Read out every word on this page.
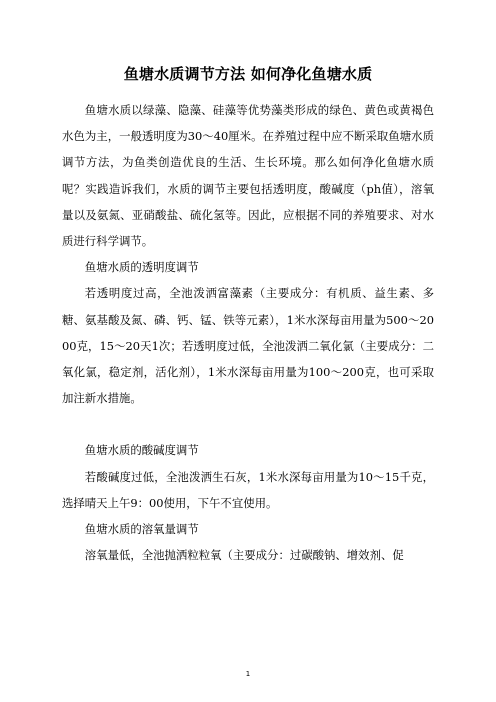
鱼塘水质调节方法 如何净化鱼塘水质

鱼塘水质以绿藻、隐藻、硅藻等优势藻类形成的绿色、黄色或黄褐色水色为主，一般透明度为30～40厘米。在养殖过程中应不断采取鱼塘水质调节方法，为鱼类创造优良的生活、生长环境。那么如何净化鱼塘水质呢？实践造诉我们，水质的调节主要包括透明度，酸碱度（ph值），溶氧量以及氨氮、亚硝酸盐、硫化氢等。因此，应根据不同的养殖要求、对水质进行科学调节。

鱼塘水质的透明度调节

若透明度过高，全池泼洒富藻素（主要成分：有机质、益生素、多糖、氨基酸及氮、磷、钙、锰、铁等元素），1米水深每亩用量为500～2000克，15～20天1次；若透明度过低，全池泼洒二氧化氯（主要成分：二氧化氯，稳定剂，活化剂），1米水深每亩用量为100～200克，也可采取加注新水措施。

鱼塘水质的酸碱度调节

若酸碱度过低，全池泼洒生石灰，1米水深每亩用量为10～15千克，选择晴天上午9：00使用，下午不宜使用。

鱼塘水质的溶氧量调节

溶氧量低，全池抛洒粒粒氧（主要成分：过碳酸钠、增效剂、促

1
